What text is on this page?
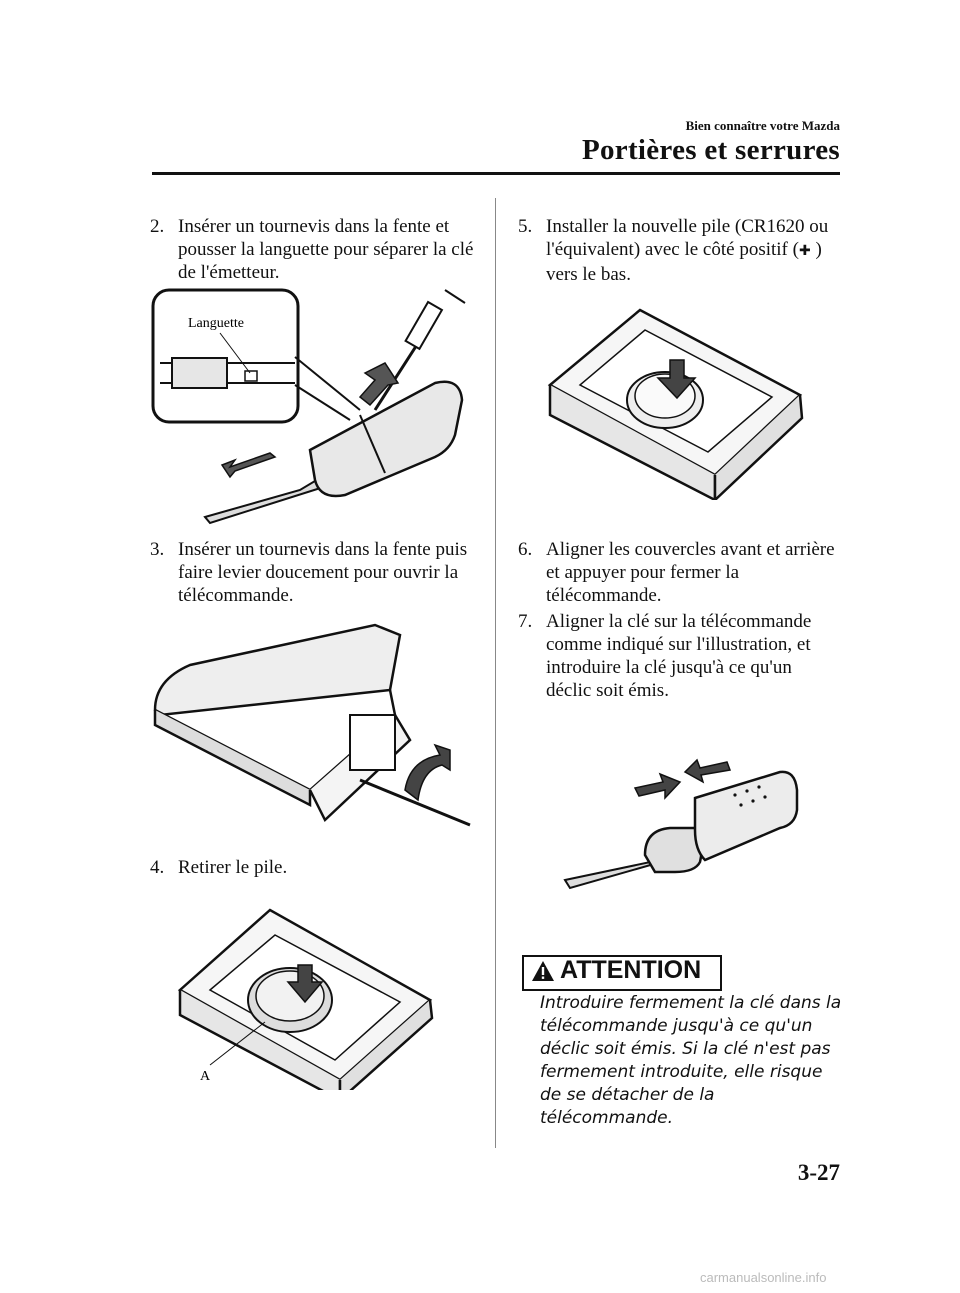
Bien connaître votre Mazda
Portières et serrures
2. Insérer un tournevis dans la fente et pousser la languette pour séparer la clé de l'émetteur.
Languette
3. Insérer un tournevis dans la fente puis faire levier doucement pour ouvrir la télécommande.
4. Retirer le pile.
A
5. Installer la nouvelle pile (CR1620 ou l'équivalent) avec le côté positif (✚ ) vers le bas.
6. Aligner les couvercles avant et arrière et appuyer pour fermer la télécommande.
7. Aligner la clé sur la télécommande comme indiqué sur l'illustration, et introduire la clé jusqu'à ce qu'un déclic soit émis.
ATTENTION
Introduire fermement la clé dans la télécommande jusqu'à ce qu'un déclic soit émis. Si la clé n'est pas fermement introduite, elle risque de se détacher de la télécommande.
3-27
carmanualsonline.info
